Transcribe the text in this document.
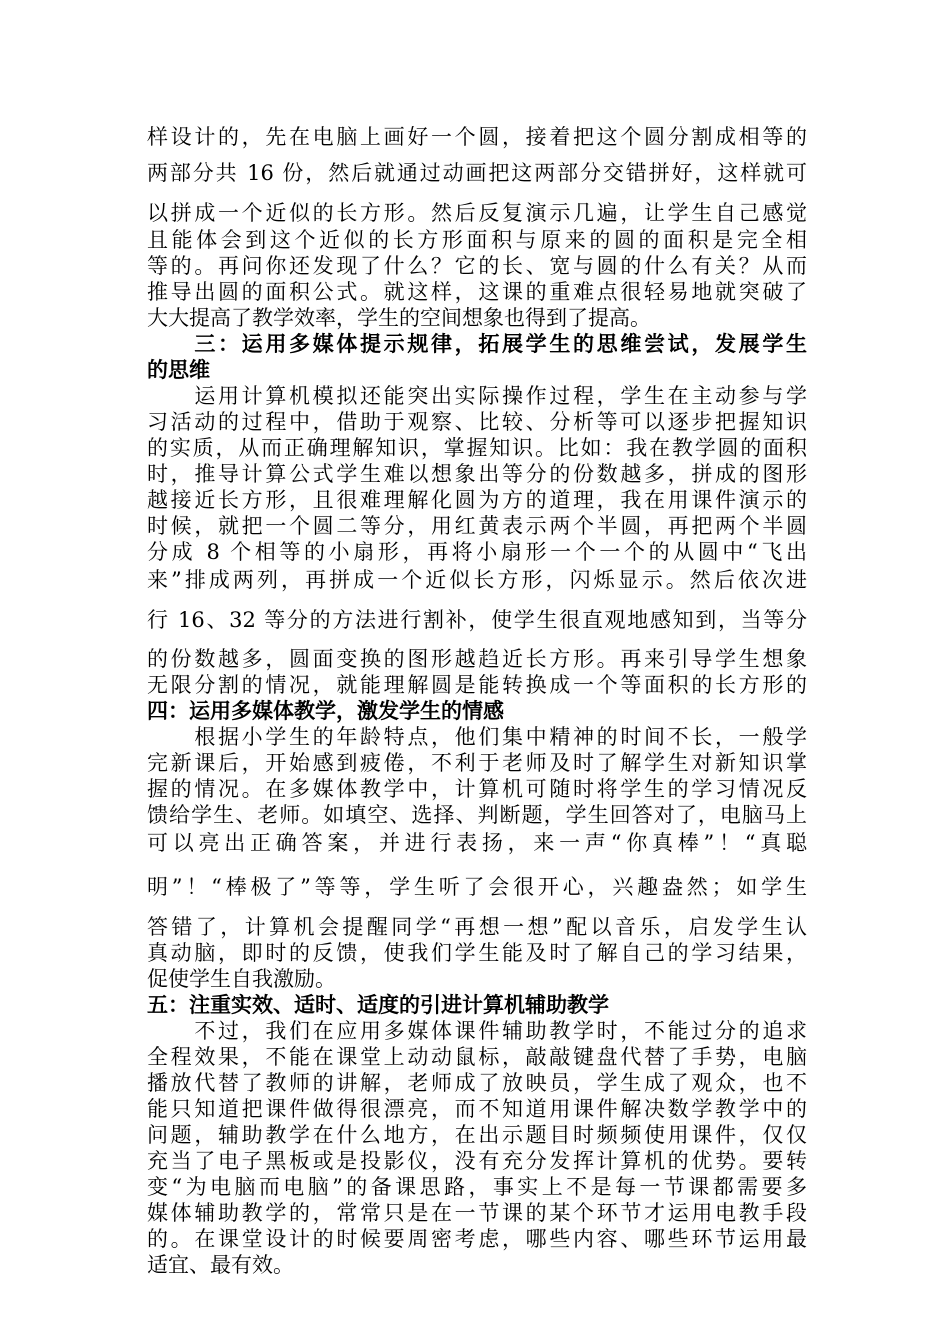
样设计的，先在电脑上画好一个圆，接着把这个圆分割成相等的
两部分共 16 份，然后就通过动画把这两部分交错拼好，这样就可
以拼成一个近似的长方形。然后反复演示几遍，让学生自己感觉
且能体会到这个近似的长方形面积与原来的圆的面积是完全相
等的。再问你还发现了什么？它的长、宽与圆的什么有关？从而
推导出圆的面积公式。就这样，这课的重难点很轻易地就突破了
大大提高了教学效率，学生的空间想象也得到了提高。
　　三：运用多媒体提示规律，拓展学生的思维尝试，发展学生
的思维
　　运用计算机模拟还能突出实际操作过程，学生在主动参与学
习活动的过程中，借助于观察、比较、分析等可以逐步把握知识
的实质，从而正确理解知识，掌握知识。比如：我在教学圆的面积
时，推导计算公式学生难以想象出等分的份数越多，拼成的图形
越接近长方形，且很难理解化圆为方的道理，我在用课件演示的
时候，就把一个圆二等分，用红黄表示两个半圆，再把两个半圆
分成 8 个相等的小扇形，再将小扇形一个一个的从圆中“飞出
来”排成两列，再拼成一个近似长方形，闪烁显示。然后依次进
行 16、32 等分的方法进行割补，使学生很直观地感知到，当等分
的份数越多，圆面变换的图形越趋近长方形。再来引导学生想象
无限分割的情况，就能理解圆是能转换成一个等面积的长方形的
四：运用多媒体教学，激发学生的情感
　　根据小学生的年龄特点，他们集中精神的时间不长，一般学
完新课后，开始感到疲倦，不利于老师及时了解学生对新知识掌
握的情况。在多媒体教学中，计算机可随时将学生的学习情况反
馈给学生、老师。如填空、选择、判断题，学生回答对了，电脑马上
可以亮出正确答案，并进行表扬，来一声“你真棒”！“真聪
明”！“棒极了”等等，学生听了会很开心，兴趣盎然；如学生
答错了，计算机会提醒同学“再想一想”配以音乐，启发学生认
真动脑，即时的反馈，使我们学生能及时了解自己的学习结果，
促使学生自我激励。
五：注重实效、适时、适度的引进计算机辅助教学
　　不过，我们在应用多媒体课件辅助教学时，不能过分的追求
全程效果，不能在课堂上动动鼠标，敲敲键盘代替了手势，电脑
播放代替了教师的讲解，老师成了放映员，学生成了观众，也不
能只知道把课件做得很漂亮，而不知道用课件解决数学教学中的
问题，辅助教学在什么地方，在出示题目时频频使用课件，仅仅
充当了电子黑板或是投影仪，没有充分发挥计算机的优势。要转
变“为电脑而电脑”的备课思路，事实上不是每一节课都需要多
媒体辅助教学的，常常只是在一节课的某个环节才运用电教手段
的。在课堂设计的时候要周密考虑，哪些内容、哪些环节运用最
适宜、最有效。
